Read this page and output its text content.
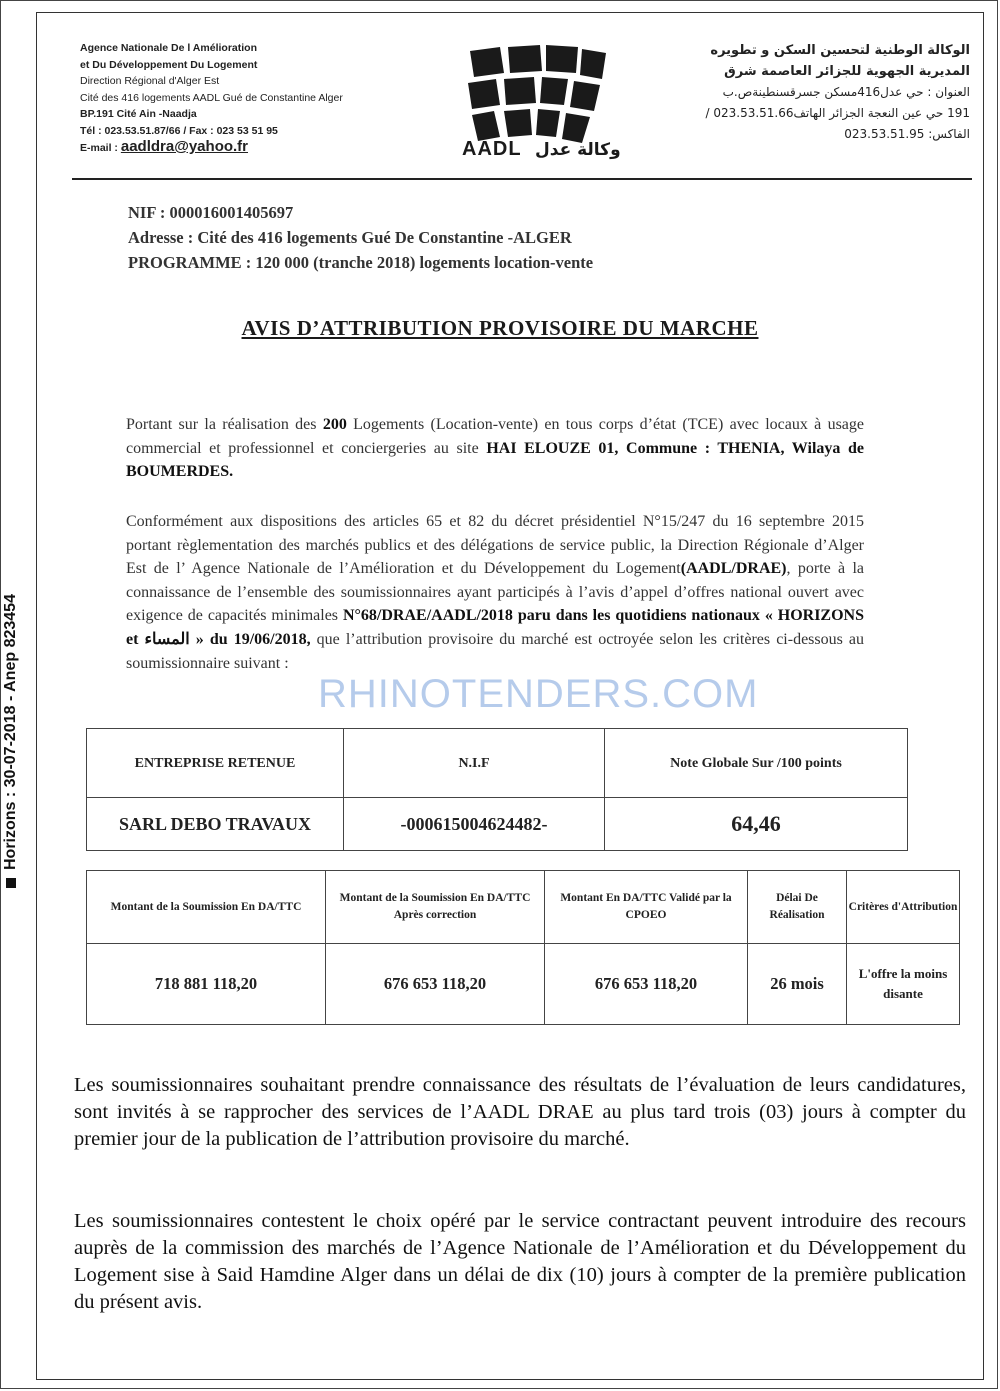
Horizons : 30-07-2018 - Anep 823454
Agence Nationale De l Amélioration
et Du Développement Du Logement
Direction Régional d'Alger Est
Cité des 416 logements AADL Gué de Constantine Alger
BP.191 Cité Ain -Naadja
Tél : 023.53.51.87/66 / Fax : 023 53 51 95
E-mail : aadldra@yahoo.fr	AADL وكالة عدل
الوكالة الوطنية لتحسين السكن و تطويره
المديرية الجهوية للجزائر العاصمة شرق
العنوان : حي عدل416مسكن جسرقسنطينةص.ب
191 حي عين النعجة الجزائر الهاتف023.53.51.66 /
الفاكس: 023.53.51.95
NIF : 000016001405697
Adresse : Cité des 416 logements Gué De Constantine -ALGER
PROGRAMME : 120 000 (tranche 2018) logements location-vente
AVIS D’ATTRIBUTION PROVISOIRE DU MARCHE
Portant sur la réalisation des 200 Logements (Location-vente) en tous corps d’état (TCE) avec locaux à usage commercial et professionnel et conciergeries au site HAI ELOUZE 01, Commune : THENIA, Wilaya de BOUMERDES.
Conformément aux dispositions des articles 65 et 82 du décret présidentiel N°15/247 du 16 septembre 2015 portant règlementation des marchés publics et des délégations de service public, la Direction Régionale d’Alger Est de l’ Agence Nationale de l’Amélioration et du Développement du Logement(AADL/DRAE), porte à la connaissance de l’ensemble des soumissionnaires ayant participés à l’avis d’appel d’offres national ouvert avec exigence de capacités minimales N°68/DRAE/AADL/2018 paru dans les quotidiens nationaux « HORIZONS et المساء » du 19/06/2018, que l’attribution provisoire du marché est octroyée selon les critères ci-dessous au soumissionnaire suivant :
RHINOTENDERS.COM
ENTREPRISE RETENUE	N.I.F	Note Globale Sur /100 points
SARL DEBO TRAVAUX	-000615004624482-	64,46
Montant de la Soumission En DA/TTC	Montant de la Soumission En DA/TTC Après correction	Montant En DA/TTC Validé par la CPOEO	Délai De Réalisation	Critères d'Attribution
718 881 118,20	676 653 118,20	676 653 118,20	26 mois	L'offre la moins disante
Les soumissionnaires souhaitant prendre connaissance des résultats de l’évaluation de leurs candidatures, sont invités à se rapprocher des services de l’AADL DRAE au plus tard trois (03) jours à compter du premier jour de la publication de l’attribution provisoire du marché.
Les soumissionnaires contestent le choix opéré par le service contractant peuvent introduire des recours auprès de la commission des marchés de l’Agence Nationale de l’Amélioration et du Développement du Logement sise à Said Hamdine Alger dans un délai de dix (10) jours à compter de la première publication du présent avis.
